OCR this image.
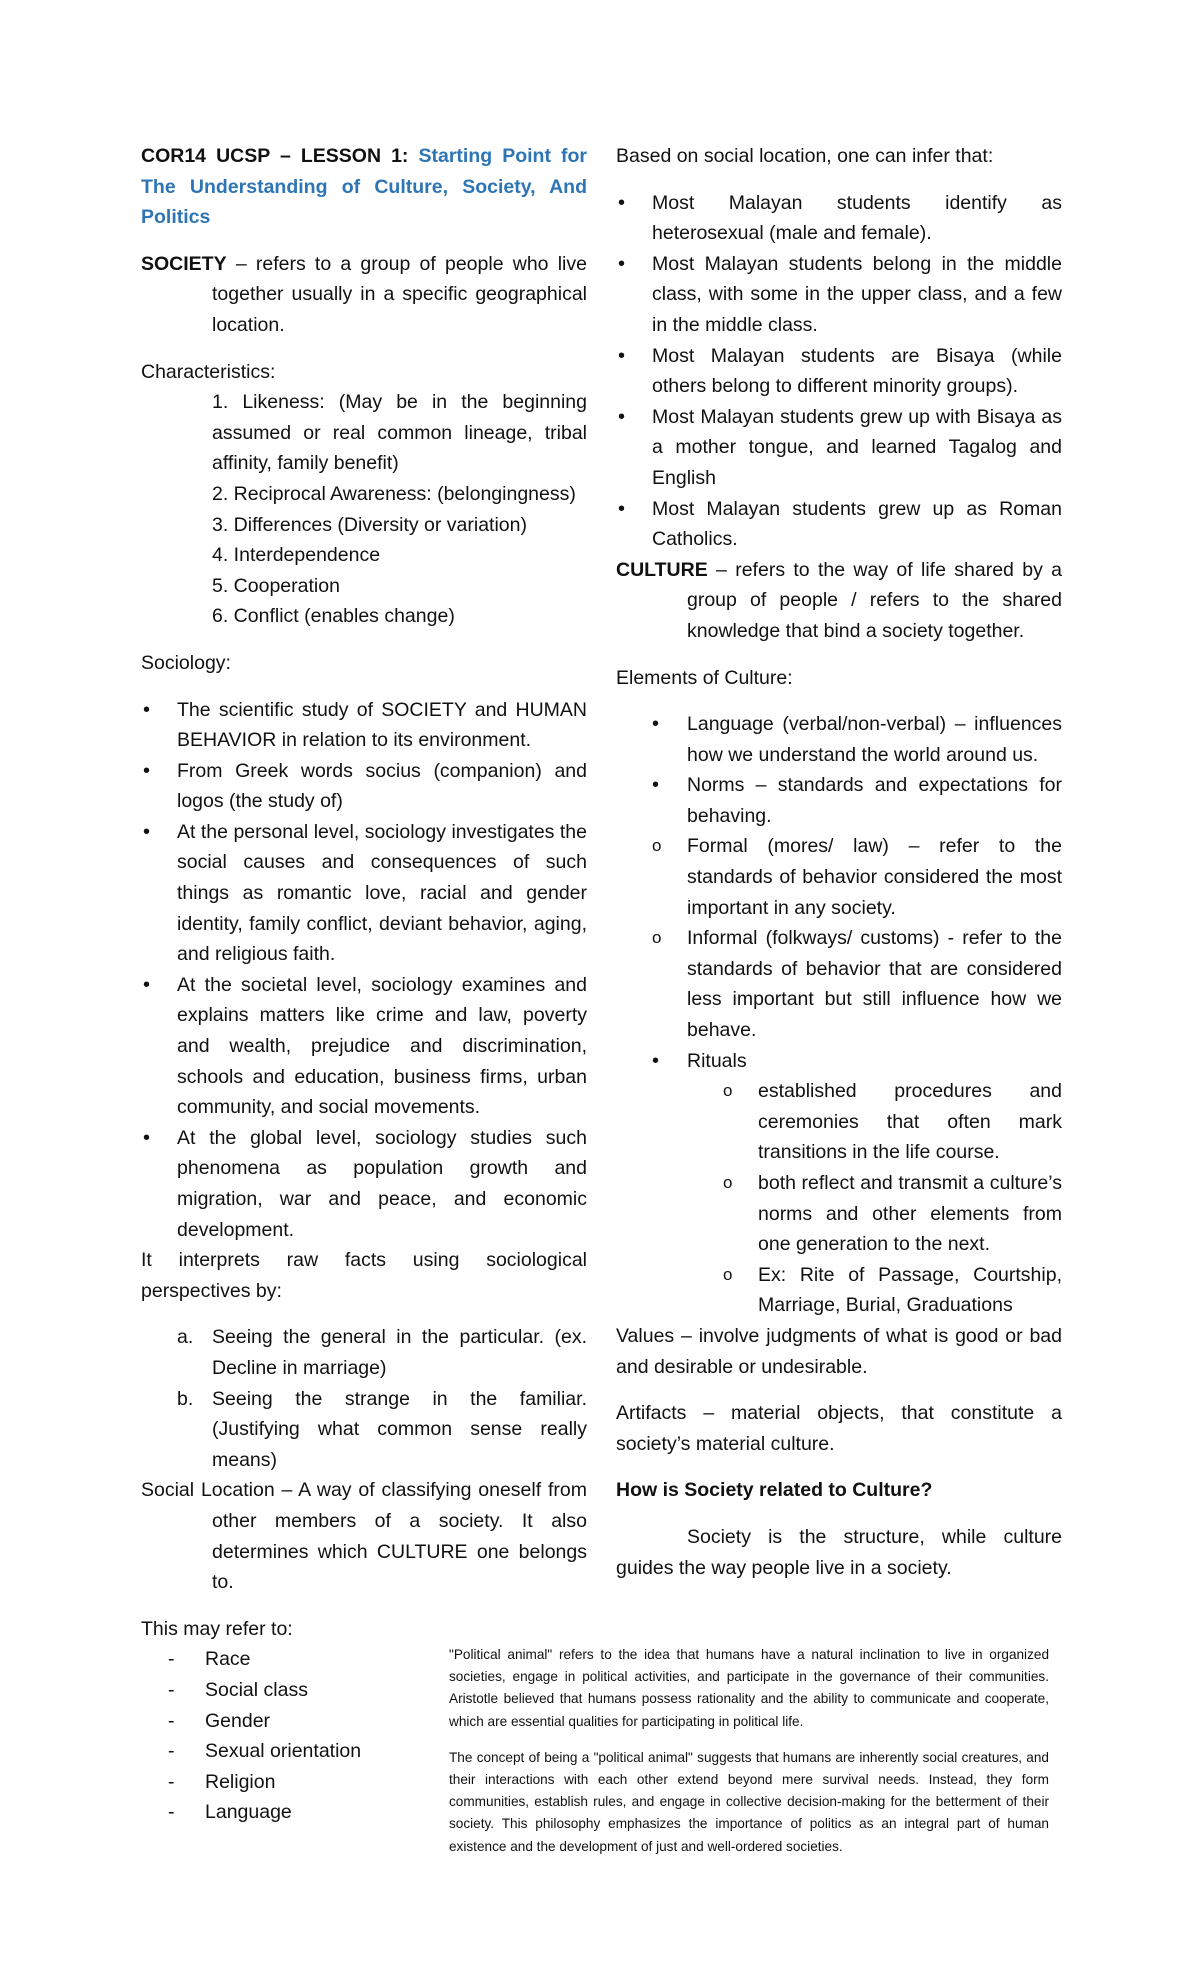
COR14 UCSP – LESSON 1: Starting Point for The Understanding of Culture, Society, And Politics

SOCIETY – refers to a group of people who live together usually in a specific geographical location.

Characteristics:

1. Likeness: (May be in the beginning assumed or real common lineage, tribal affinity, family benefit)

2. Reciprocal Awareness: (belongingness)

3. Differences (Diversity or variation)

4. Interdependence

5. Cooperation

6. Conflict (enables change)

Sociology:

• The scientific study of SOCIETY and HUMAN BEHAVIOR in relation to its environment.
• From Greek words socius (companion) and logos (the study of)
• At the personal level, sociology investigates the social causes and consequences of such things as romantic love, racial and gender identity, family conflict, deviant behavior, aging, and religious faith.
• At the societal level, sociology examines and explains matters like crime and law, poverty and wealth, prejudice and discrimination, schools and education, business firms, urban community, and social movements.
• At the global level, sociology studies such phenomena as population growth and migration, war and peace, and economic development.

It interprets raw facts using sociological perspectives by:

a. Seeing the general in the particular. (ex. Decline in marriage)
b. Seeing the strange in the familiar. (Justifying what common sense really means)

Social Location – A way of classifying oneself from other members of a society. It also determines which CULTURE one belongs to.

This may refer to:

- Race
- Social class
- Gender
- Sexual orientation
- Religion
- Language

Based on social location, one can infer that:

• Most Malayan students identify as heterosexual (male and female).
• Most Malayan students belong in the middle class, with some in the upper class, and a few in the middle class.
• Most Malayan students are Bisaya (while others belong to different minority groups).
• Most Malayan students grew up with Bisaya as a mother tongue, and learned Tagalog and English
• Most Malayan students grew up as Roman Catholics.

CULTURE – refers to the way of life shared by a group of people / refers to the shared knowledge that bind a society together.

Elements of Culture:

• Language (verbal/non-verbal) – influences how we understand the world around us.
• Norms – standards and expectations for behaving.
o Formal (mores/ law) – refer to the standards of behavior considered the most important in any society.
o Informal (folkways/ customs) - refer to the standards of behavior that are considered less important but still influence how we behave.
• Rituals
o established procedures and ceremonies that often mark transitions in the life course.
o both reflect and transmit a culture’s norms and other elements from one generation to the next.
o Ex: Rite of Passage, Courtship, Marriage, Burial, Graduations

Values – involve judgments of what is good or bad and desirable or undesirable.

Artifacts – material objects, that constitute a society’s material culture.

How is Society related to Culture?

Society is the structure, while culture guides the way people live in a society.

"Political animal" refers to the idea that humans have a natural inclination to live in organized societies, engage in political activities, and participate in the governance of their communities. Aristotle believed that humans possess rationality and the ability to communicate and cooperate, which are essential qualities for participating in political life.

The concept of being a "political animal" suggests that humans are inherently social creatures, and their interactions with each other extend beyond mere survival needs. Instead, they form communities, establish rules, and engage in collective decision-making for the betterment of their society. This philosophy emphasizes the importance of politics as an integral part of human existence and the development of just and well-ordered societies.
